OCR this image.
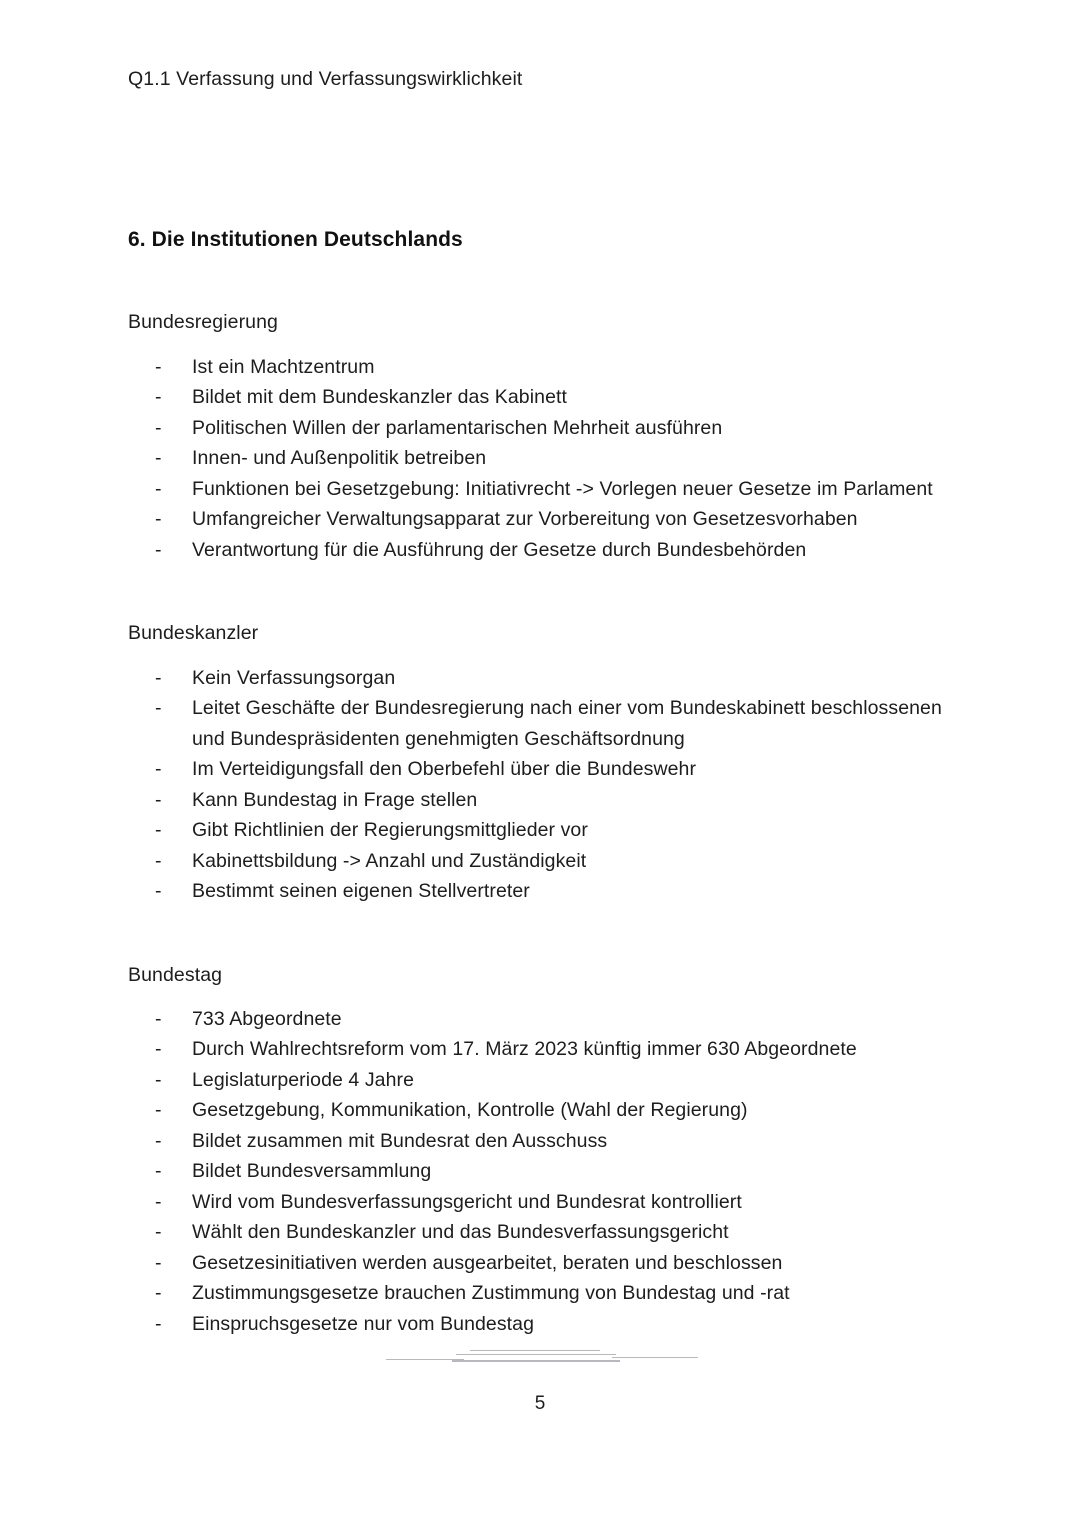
Q1.1 Verfassung und Verfassungswirklichkeit
6. Die Institutionen Deutschlands
Bundesregierung
-	Ist ein Machtzentrum
-	Bildet mit dem Bundeskanzler das Kabinett
-	Politischen Willen der parlamentarischen Mehrheit ausführen
-	Innen- und Außenpolitik betreiben
-	Funktionen bei Gesetzgebung: Initiativrecht -> Vorlegen neuer Gesetze im Parlament
-	Umfangreicher Verwaltungsapparat zur Vorbereitung von Gesetzesvorhaben
-	Verantwortung für die Ausführung der Gesetze durch Bundesbehörden
Bundeskanzler
-	Kein Verfassungsorgan
-	Leitet Geschäfte der Bundesregierung nach einer vom Bundeskabinett beschlossenen und Bundespräsidenten genehmigten Geschäftsordnung
-	Im Verteidigungsfall den Oberbefehl über die Bundeswehr
-	Kann Bundestag in Frage stellen
-	Gibt Richtlinien der Regierungsmittglieder vor
-	Kabinettsbildung -> Anzahl und Zuständigkeit
-	Bestimmt seinen eigenen Stellvertreter
Bundestag
-	733 Abgeordnete
-	Durch Wahlrechtsreform vom 17. März 2023 künftig immer 630 Abgeordnete
-	Legislaturperiode 4 Jahre
-	Gesetzgebung, Kommunikation, Kontrolle (Wahl der Regierung)
-	Bildet zusammen mit Bundesrat den Ausschuss
-	Bildet Bundesversammlung
-	Wird vom Bundesverfassungsgericht und Bundesrat kontrolliert
-	Wählt den Bundeskanzler und das Bundesverfassungsgericht
-	Gesetzesinitiativen werden ausgearbeitet, beraten und beschlossen
-	Zustimmungsgesetze brauchen Zustimmung von Bundestag und -rat
-	Einspruchsgesetze nur vom Bundestag
5
